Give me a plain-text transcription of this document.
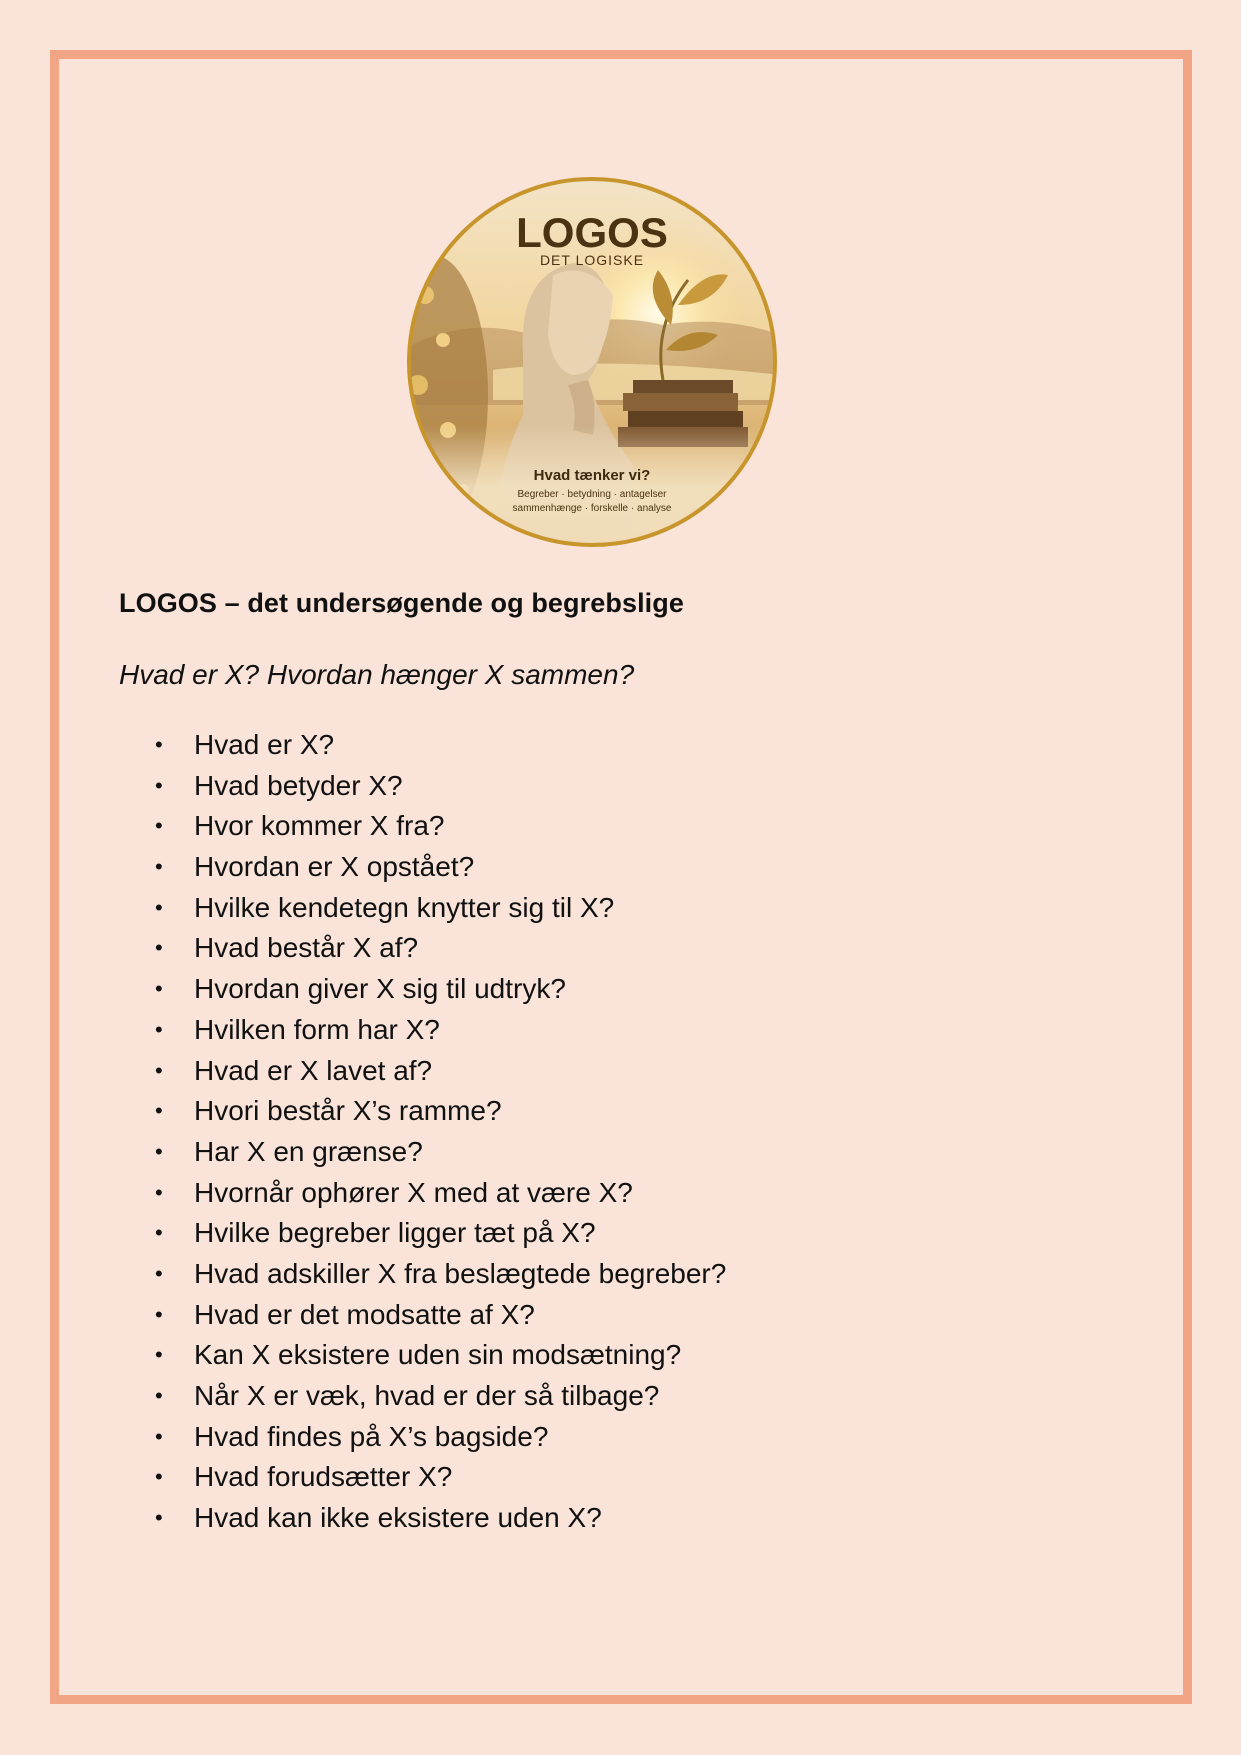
LOGOS
DET LOGISKE
Hvad tænker vi?
Begreber · betydning · antagelser
sammenhænge · forskelle · analyse
LOGOS – det undersøgende og begrebslige

Hvad er X? Hvordan hænger X sammen?

• Hvad er X?
• Hvad betyder X?
• Hvor kommer X fra?
• Hvordan er X opstået?
• Hvilke kendetegn knytter sig til X?
• Hvad består X af?
• Hvordan giver X sig til udtryk?
• Hvilken form har X?
• Hvad er X lavet af?
• Hvori består X’s ramme?
• Har X en grænse?
• Hvornår ophører X med at være X?
• Hvilke begreber ligger tæt på X?
• Hvad adskiller X fra beslægtede begreber?
• Hvad er det modsatte af X?
• Kan X eksistere uden sin modsætning?
• Når X er væk, hvad er der så tilbage?
• Hvad findes på X’s bagside?
• Hvad forudsætter X?
• Hvad kan ikke eksistere uden X?
